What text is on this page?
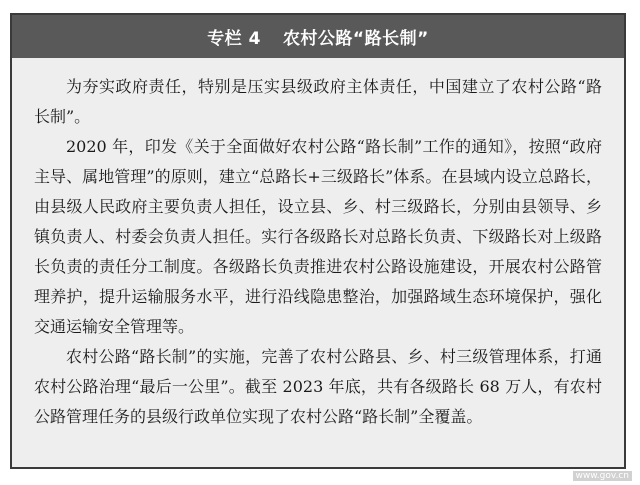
专栏 4 农村公路“路长制”

为夯实政府责任，特别是压实县级政府主体责任，中国建立了农村公路“路长制”。

2020 年，印发《关于全面做好农村公路“路长制”工作的通知》，按照“政府主导、属地管理”的原则，建立“总路长+三级路长”体系。在县域内设立总路长，由县级人民政府主要负责人担任，设立县、乡、村三级路长，分别由县领导、乡镇负责人、村委会负责人担任。实行各级路长对总路长负责、下级路长对上级路长负责的责任分工制度。各级路长负责推进农村公路设施建设，开展农村公路管理养护，提升运输服务水平，进行沿线隐患整治，加强路域生态环境保护，强化交通运输安全管理等。

农村公路“路长制”的实施，完善了农村公路县、乡、村三级管理体系，打通农村公路治理“最后一公里”。截至 2023 年底，共有各级路长 68 万人，有农村公路管理任务的县级行政单位实现了农村公路“路长制”全覆盖。

www.gov.cn
